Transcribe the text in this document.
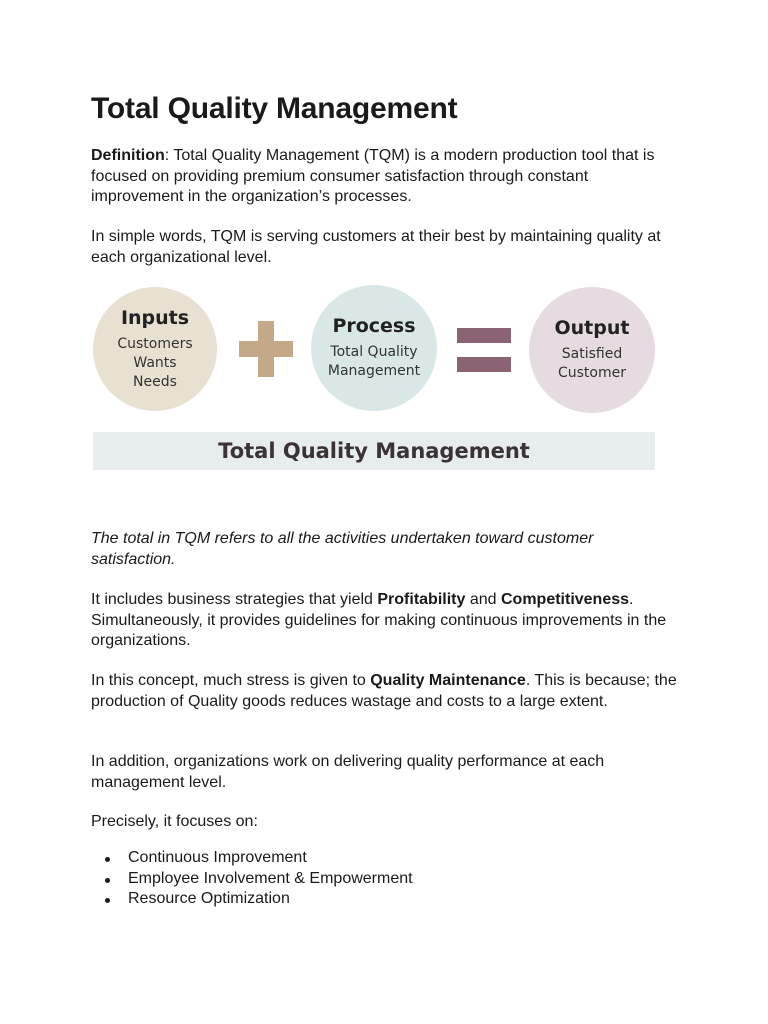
Total Quality Management

Definition: Total Quality Management (TQM) is a modern production tool that is focused on providing premium consumer satisfaction through constant improvement in the organization’s processes.

In simple words, TQM is serving customers at their best by maintaining quality at each organizational level.

The total in TQM refers to all the activities undertaken toward customer satisfaction.

It includes business strategies that yield Profitability and Competitiveness. Simultaneously, it provides guidelines for making continuous improvements in the organizations.

In this concept, much stress is given to Quality Maintenance. This is because; the production of Quality goods reduces wastage and costs to a large extent.

In addition, organizations work on delivering quality performance at each management level.

Precisely, it focuses on:

Continuous Improvement
Employee Involvement & Empowerment
Resource Optimization
Inputs
Customers
Wants
Needs
Process
Total Quality
Management
Output
Satisfied
Customer
Total Quality Management
